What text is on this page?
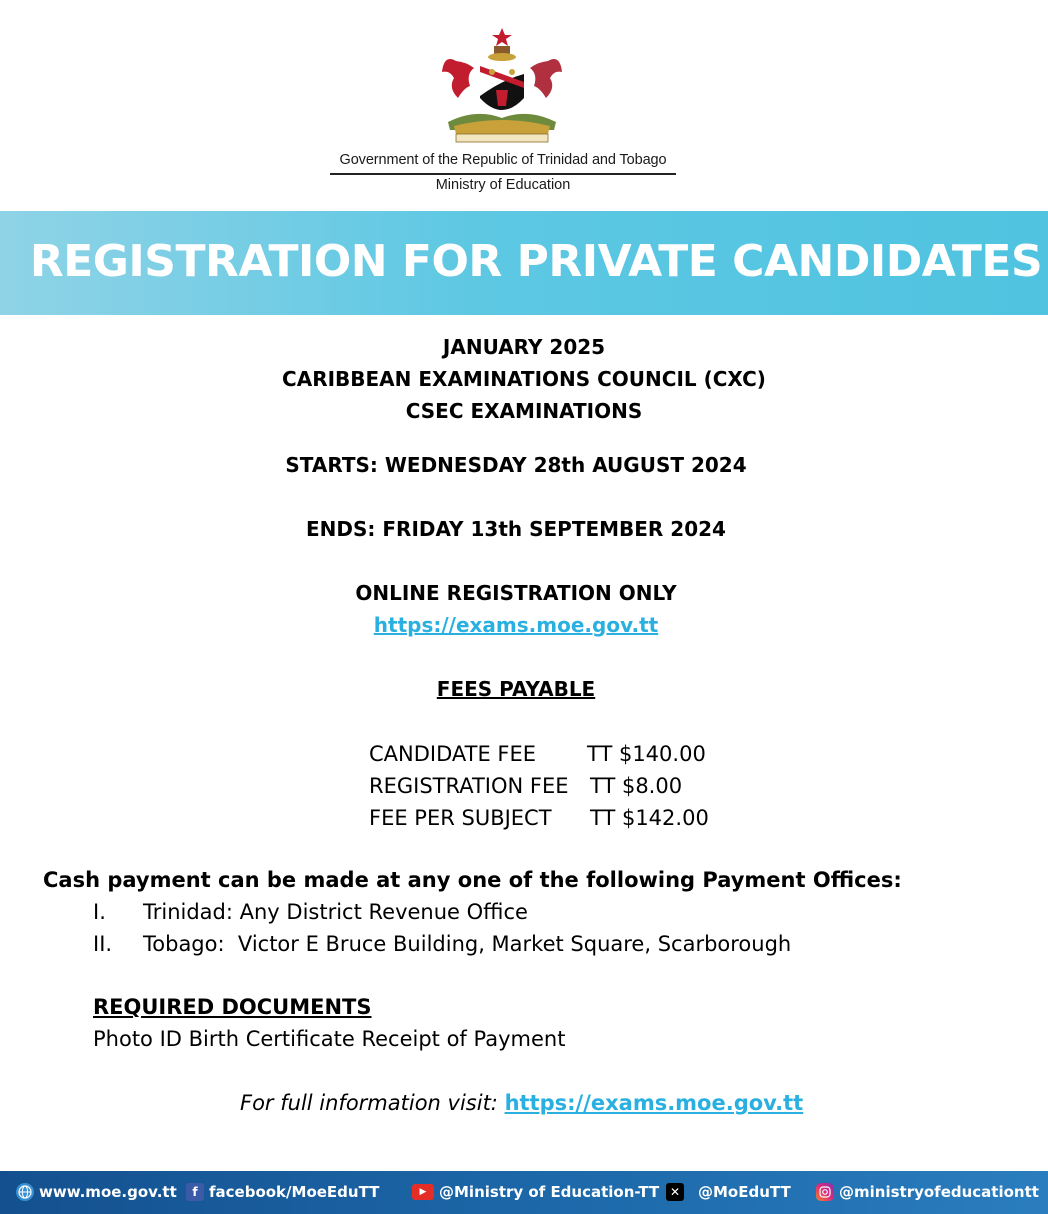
Government of the Republic of Trinidad and Tobago
Ministry of Education
REGISTRATION FOR PRIVATE CANDIDATES
JANUARY 2025
CARIBBEAN EXAMINATIONS COUNCIL (CXC)
CSEC EXAMINATIONS
STARTS: WEDNESDAY 28th AUGUST 2024
ENDS: FRIDAY 13th SEPTEMBER 2024
ONLINE REGISTRATION ONLY
https://exams.moe.gov.tt
FEES PAYABLE
CANDIDATE FEE	TT $140.00
REGISTRATION FEE	TT $8.00
FEE PER SUBJECT	TT $142.00
Cash payment can be made at any one of the following Payment Offices:
I. Trinidad: Any District Revenue Office
II. Tobago:  Victor E Bruce Building, Market Square, Scarborough
REQUIRED DOCUMENTS
Photo ID Birth Certificate Receipt of Payment
For full information visit: https://exams.moe.gov.tt
www.moe.gov.tt	f facebook/MoeEduTT	▶ @Ministry of Education-TT ✕ @MoEduTT	@ministryofeducationtt
